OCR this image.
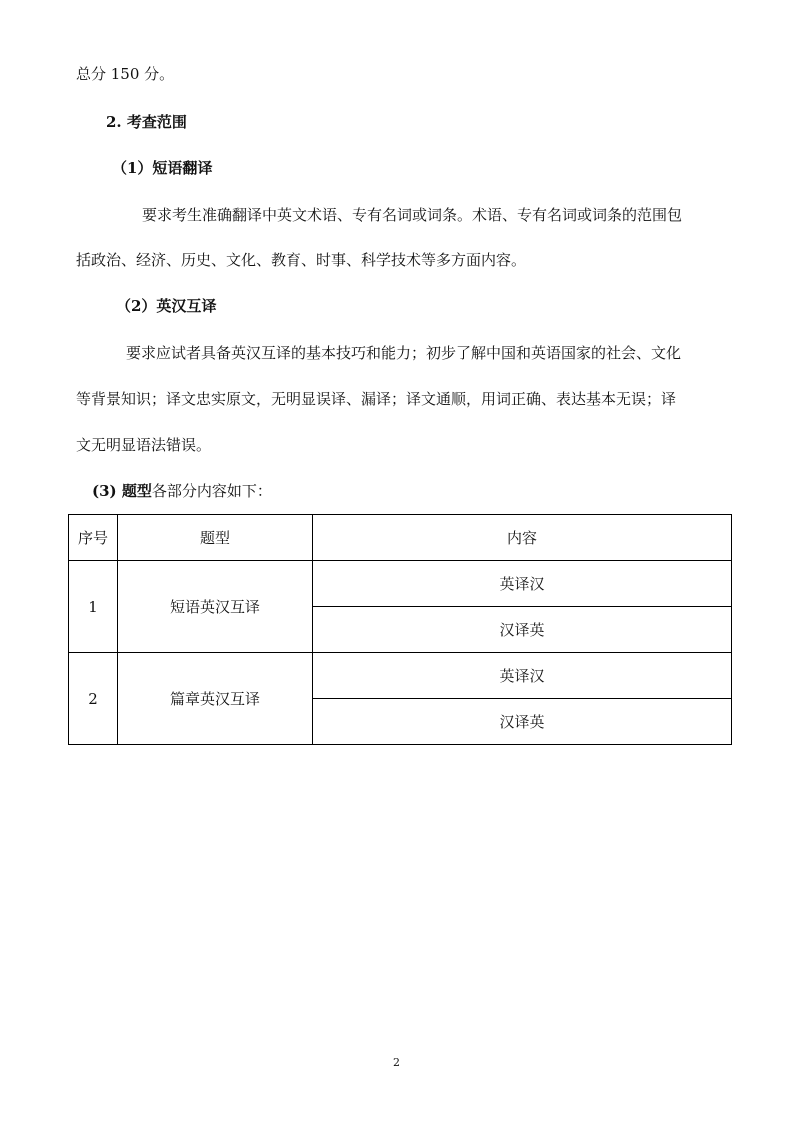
总分 150 分。
2. 考查范围
（1）短语翻译
要求考生准确翻译中英文术语、专有名词或词条。术语、专有名词或词条的范围包
括政治、经济、历史、文化、教育、时事、科学技术等多方面内容。
（2）英汉互译
要求应试者具备英汉互译的基本技巧和能力；初步了解中国和英语国家的社会、文化
等背景知识；译文忠实原文，无明显误译、漏译；译文通顺，用词正确、表达基本无误；译
文无明显语法错误。
(3) 题型各部分内容如下：
序号	题型	内容
1	短语英汉互译	英译汉
		汉译英
2	篇章英汉互译	英译汉
		汉译英
2
